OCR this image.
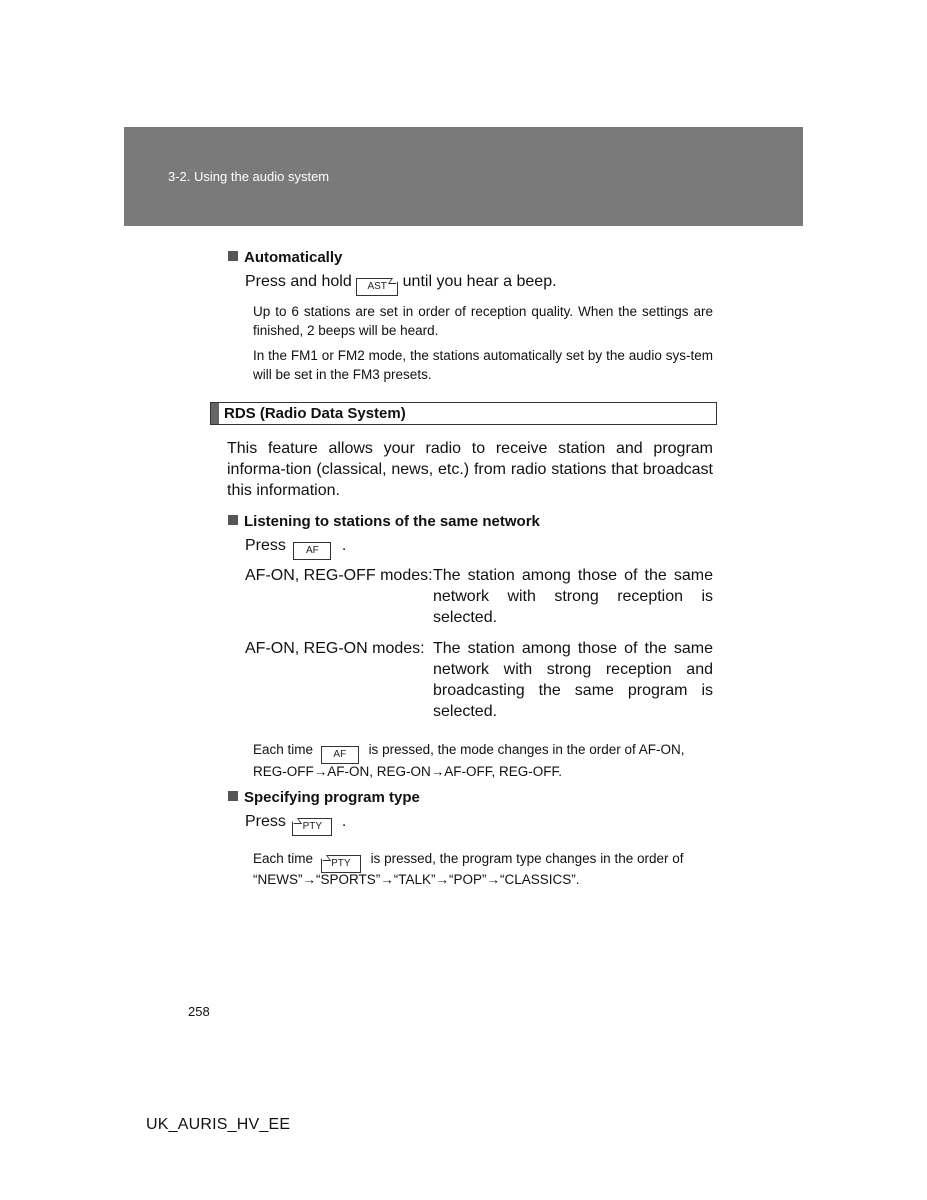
3-2. Using the audio system
Automatically
Press and hold AST until you hear a beep.
Up to 6 stations are set in order of reception quality. When the settings are finished, 2 beeps will be heard.
In the FM1 or FM2 mode, the stations automatically set by the audio sys-tem will be set in the FM3 presets.
RDS (Radio Data System)
This feature allows your radio to receive station and program informa-tion (classical, news, etc.) from radio stations that broadcast this information.
Listening to stations of the same network
Press AF .
AF-ON, REG-OFF modes: The station among those of the same network with strong reception is selected.
AF-ON, REG-ON modes: The station among those of the same network with strong reception and broadcasting the same program is selected.
Each time AF is pressed, the mode changes in the order of AF-ON,
REG-OFF→AF-ON, REG-ON→AF-OFF, REG-OFF.
Specifying program type
Press PTY .
Each time PTY is pressed, the program type changes in the order of
“NEWS”→“SPORTS”→“TALK”→“POP”→“CLASSICS”.
258
UK_AURIS_HV_EE
